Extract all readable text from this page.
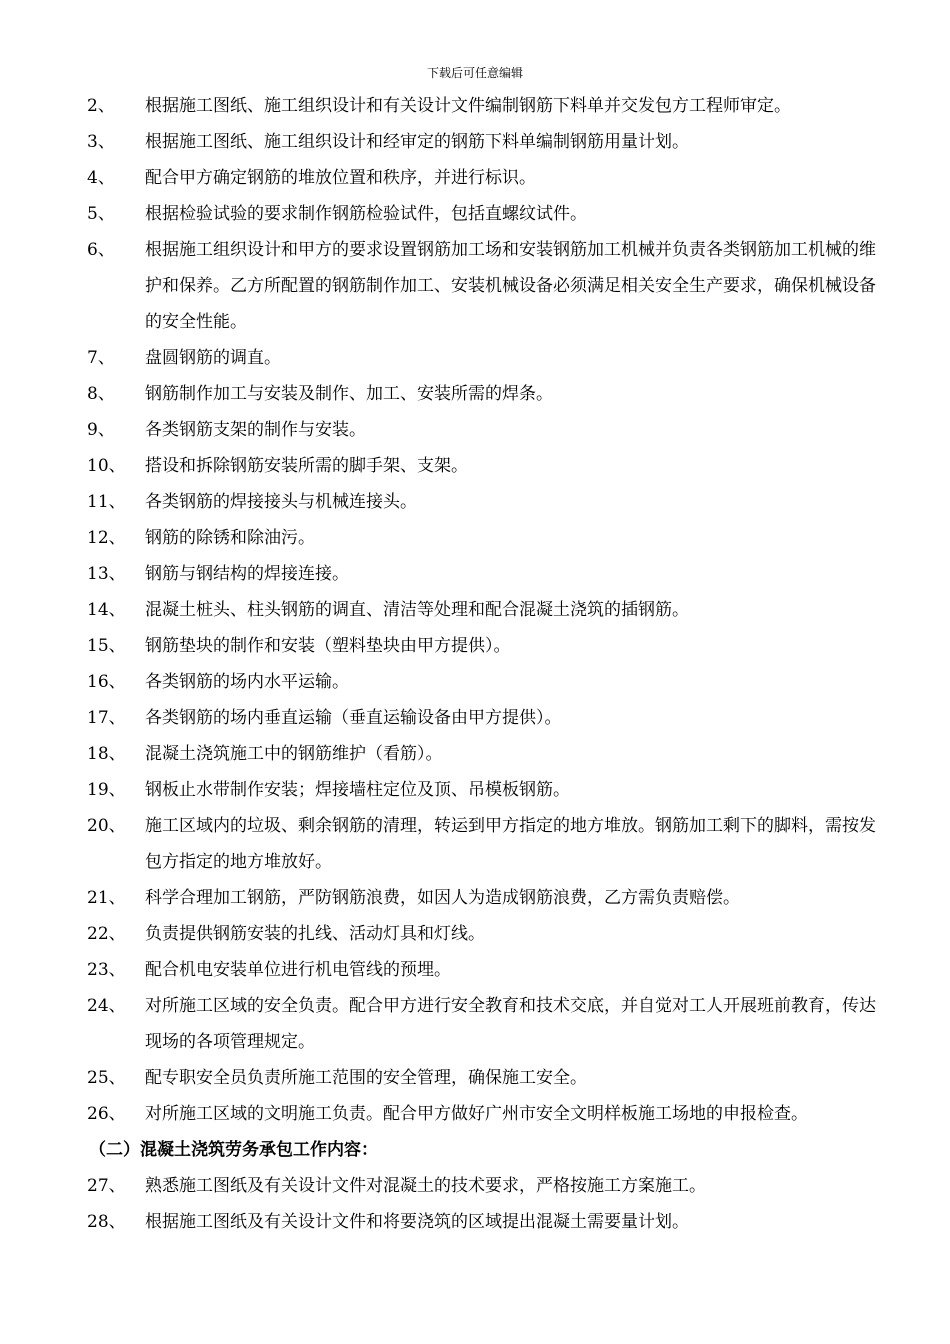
下载后可任意编辑
2、	根据施工图纸、施工组织设计和有关设计文件编制钢筋下料单并交发包方工程师审定。
3、	根据施工图纸、施工组织设计和经审定的钢筋下料单编制钢筋用量计划。
4、	配合甲方确定钢筋的堆放位置和秩序，并进行标识。
5、	根据检验试验的要求制作钢筋检验试件，包括直螺纹试件。
6、	根据施工组织设计和甲方的要求设置钢筋加工场和安装钢筋加工机械并负责各类钢筋加工机械的维护和保养。乙方所配置的钢筋制作加工、安装机械设备必须满足相关安全生产要求，确保机械设备的安全性能。
7、	盘圆钢筋的调直。
8、	钢筋制作加工与安装及制作、加工、安装所需的焊条。
9、	各类钢筋支架的制作与安装。
10、	搭设和拆除钢筋安装所需的脚手架、支架。
11、	各类钢筋的焊接接头与机械连接头。
12、	钢筋的除锈和除油污。
13、	钢筋与钢结构的焊接连接。
14、	混凝土桩头、柱头钢筋的调直、清洁等处理和配合混凝土浇筑的插钢筋。
15、	钢筋垫块的制作和安装（塑料垫块由甲方提供）。
16、	各类钢筋的场内水平运输。
17、	各类钢筋的场内垂直运输（垂直运输设备由甲方提供）。
18、	混凝土浇筑施工中的钢筋维护（看筋）。
19、	钢板止水带制作安装；焊接墙柱定位及顶、吊模板钢筋。
20、	施工区域内的垃圾、剩余钢筋的清理，转运到甲方指定的地方堆放。钢筋加工剩下的脚料，需按发包方指定的地方堆放好。
21、	科学合理加工钢筋，严防钢筋浪费，如因人为造成钢筋浪费，乙方需负责赔偿。
22、	负责提供钢筋安装的扎线、活动灯具和灯线。
23、	配合机电安装单位进行机电管线的预埋。
24、	对所施工区域的安全负责。配合甲方进行安全教育和技术交底，并自觉对工人开展班前教育，传达现场的各项管理规定。
25、	配专职安全员负责所施工范围的安全管理，确保施工安全。
26、	对所施工区域的文明施工负责。配合甲方做好广州市安全文明样板施工场地的申报检查。
（二）混凝土浇筑劳务承包工作内容：
27、	熟悉施工图纸及有关设计文件对混凝土的技术要求，严格按施工方案施工。
28、	根据施工图纸及有关设计文件和将要浇筑的区域提出混凝土需要量计划。
